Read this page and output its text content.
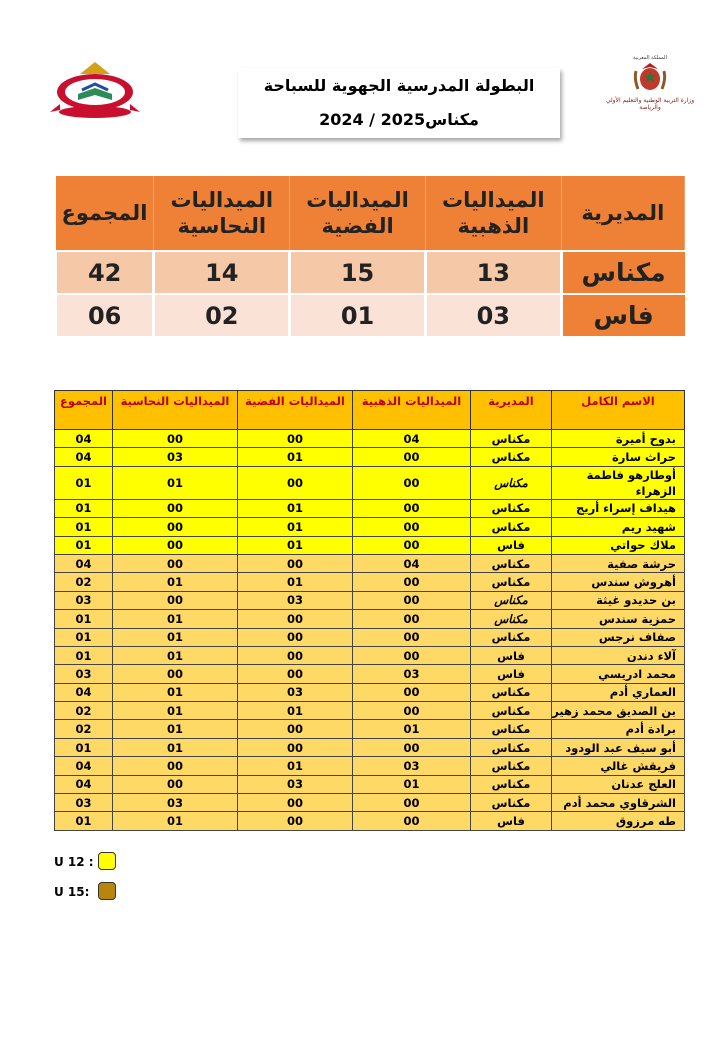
البطولة المدرسية الجهوية للسباحة
مكناس2024 / 2025
المملكة المغربية
وزارة التربية الوطنية والتعليم الأولي والرياضة
المديرية	الميداليات الذهبية	الميداليات الفضية	الميداليات النحاسية	المجموع
مكناس	13	15	14	42
فاس	03	01	02	06
الاسم الكامل	المديرية	الميداليات الذهبية	الميداليات الفضية	الميداليات النحاسية	المجموع
بدوح أميرة	مكناس	04	00	00	04
حراث سارة	مكناس	00	01	03	04
أوطارهو فاطمة الزهراء	مكناس	00	00	01	01
هيداف إسراء أريج	مكناس	00	01	00	01
شهيد ريم	مكناس	00	01	00	01
ملاك حواتي	فاس	00	01	00	01
حرشة صفية	مكناس	04	00	00	04
أهروش سندس	مكناس	00	01	01	02
بن حديدو غيثة	مكناس	00	03	00	03
حمزية سندس	مكناس	00	00	01	01
صفاف نرجس	مكناس	00	00	01	01
آلاء دندن	فاس	00	00	01	01
محمد ادريسي	فاس	03	00	00	03
العماري أدم	مكناس	00	03	01	04
بن الصديق محمد زهير	مكناس	00	01	01	02
برادة أدم	مكناس	01	00	01	02
أبو سيف عبد الودود	مكناس	00	00	01	01
فريقش غالي	مكناس	03	01	00	04
العلج عدنان	مكناس	01	03	00	04
الشرقاوي محمد أدم	مكناس	00	00	03	03
طه مرزوق	فاس	00	00	01	01
U 12 :
U 15:
